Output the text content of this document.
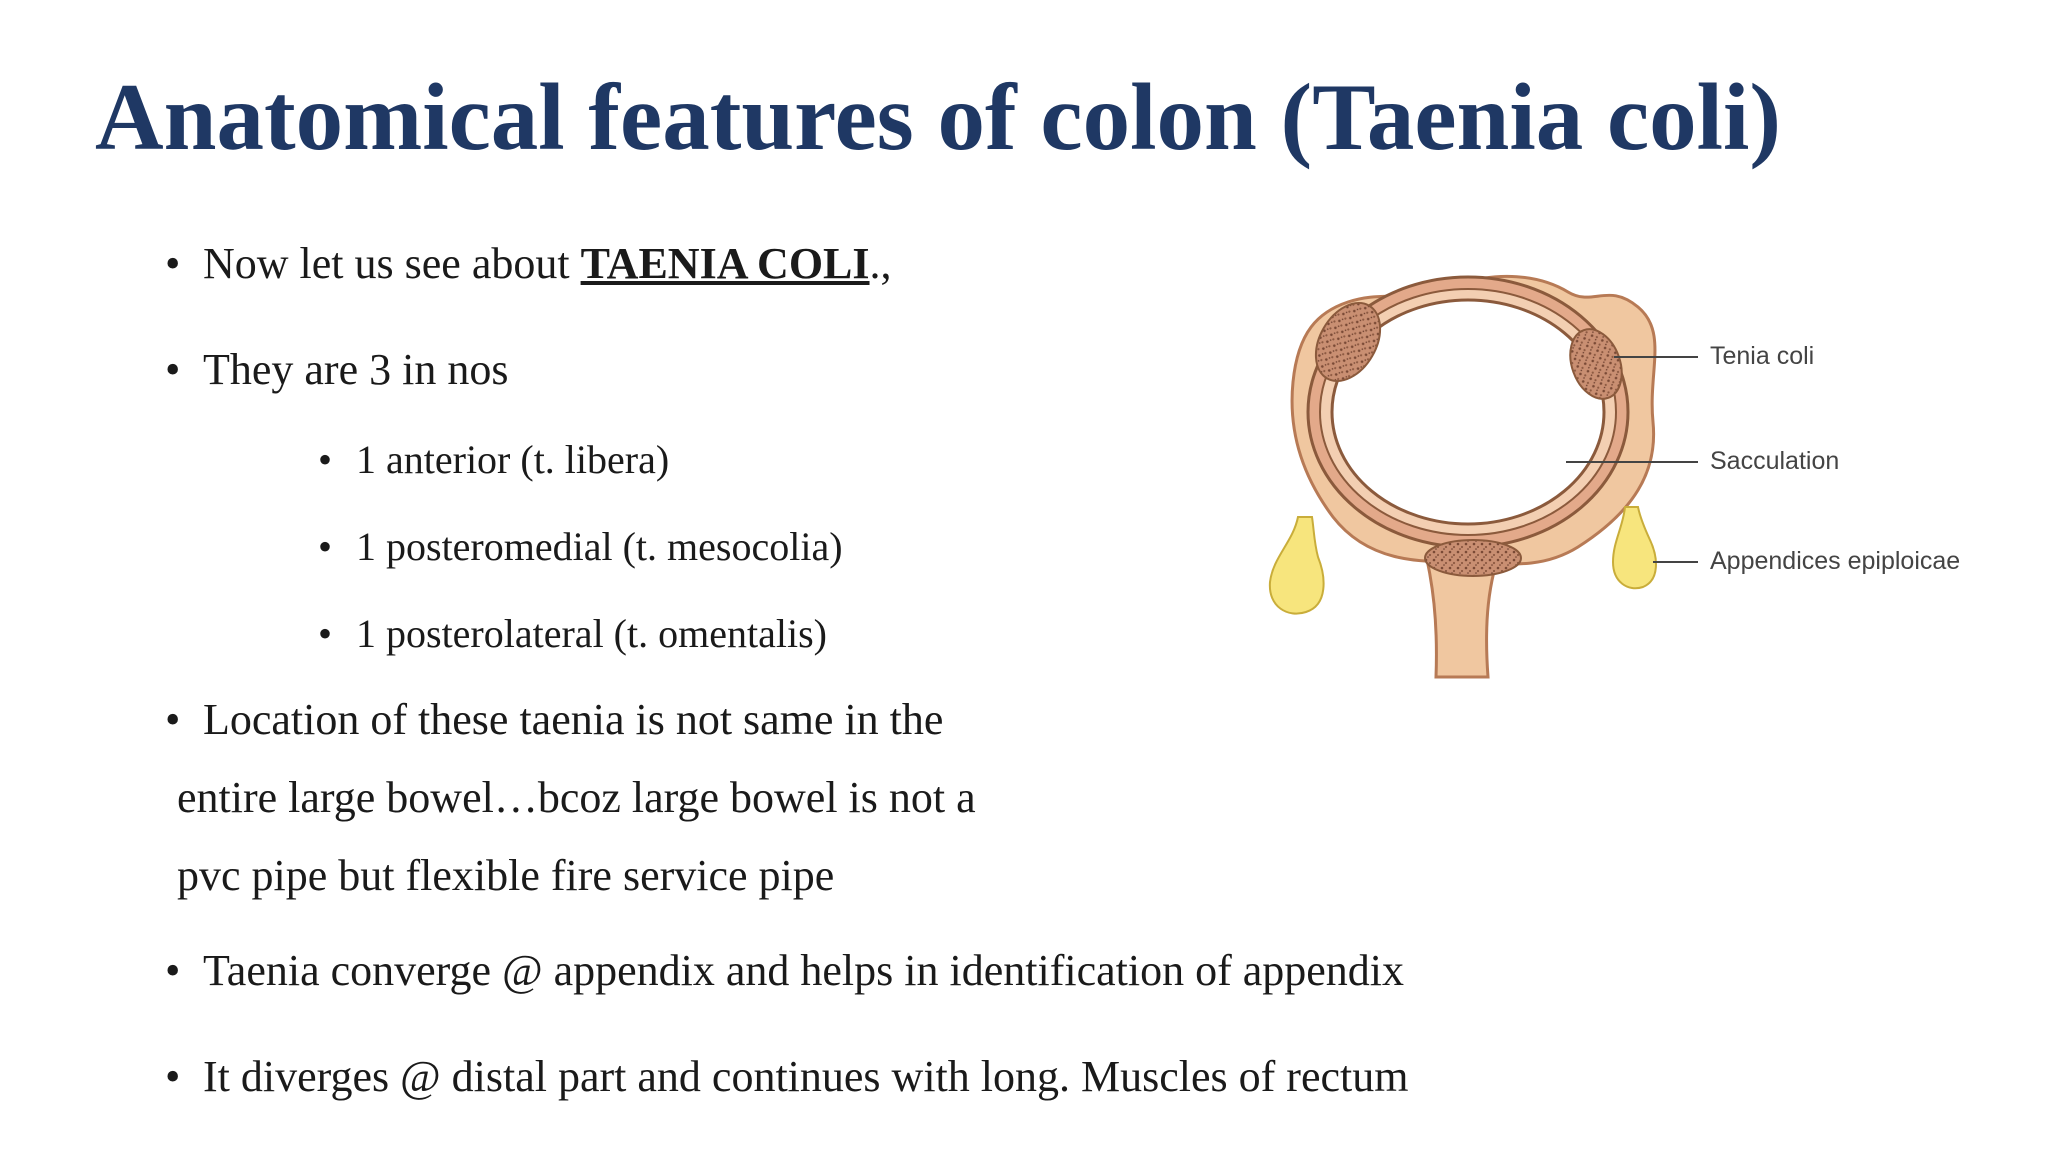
Anatomical features of colon (Taenia coli)
• Now let us see about TAENIA COLI.,
• They are 3 in nos
• 1 anterior (t. libera)
• 1 posteromedial (t. mesocolia)
• 1 posterolateral (t. omentalis)
• Location of these taenia is not same in the
entire large bowel…bcoz large bowel is not a
pvc pipe but flexible fire service pipe
• Taenia converge @ appendix and helps in identification of appendix
• It diverges @ distal part and continues with long. Muscles of rectum
Tenia coli
Sacculation
Appendices epiploicae
